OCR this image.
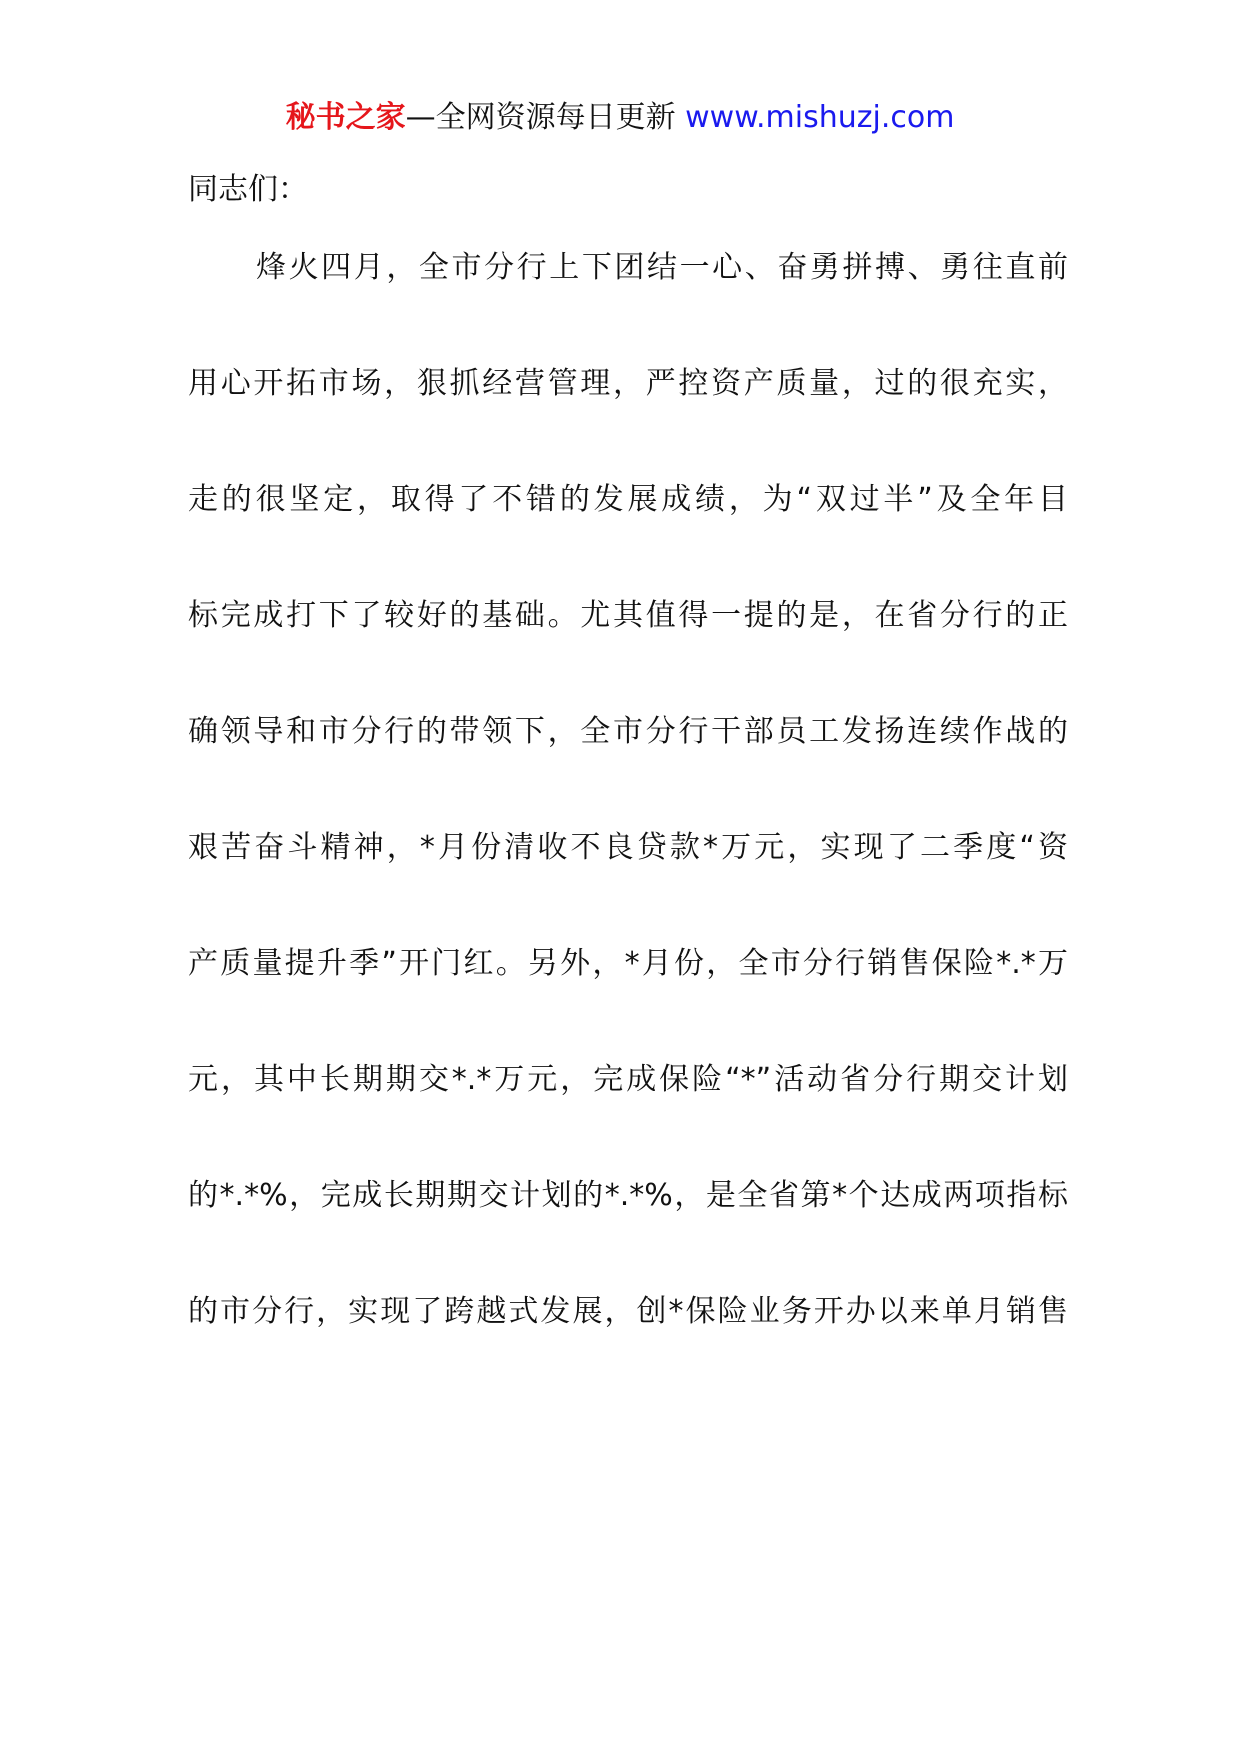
秘书之家—全网资源每日更新 www.mishuzj.com
同志们：
烽火四月，全市分行上下团结一心、奋勇拼搏、勇往直前
用心开拓市场，狠抓经营管理，严控资产质量，过的很充实，
走的很坚定，取得了不错的发展成绩，为“双过半”及全年目
标完成打下了较好的基础。尤其值得一提的是，在省分行的正
确领导和市分行的带领下，全市分行干部员工发扬连续作战的
艰苦奋斗精神，*月份清收不良贷款*万元，实现了二季度“资
产质量提升季”开门红。另外，*月份，全市分行销售保险*.*万
元，其中长期期交*.*万元，完成保险“*”活动省分行期交计划
的*.*%，完成长期期交计划的*.*%，是全省第*个达成两项指标
的市分行，实现了跨越式发展，创*保险业务开办以来单月销售
